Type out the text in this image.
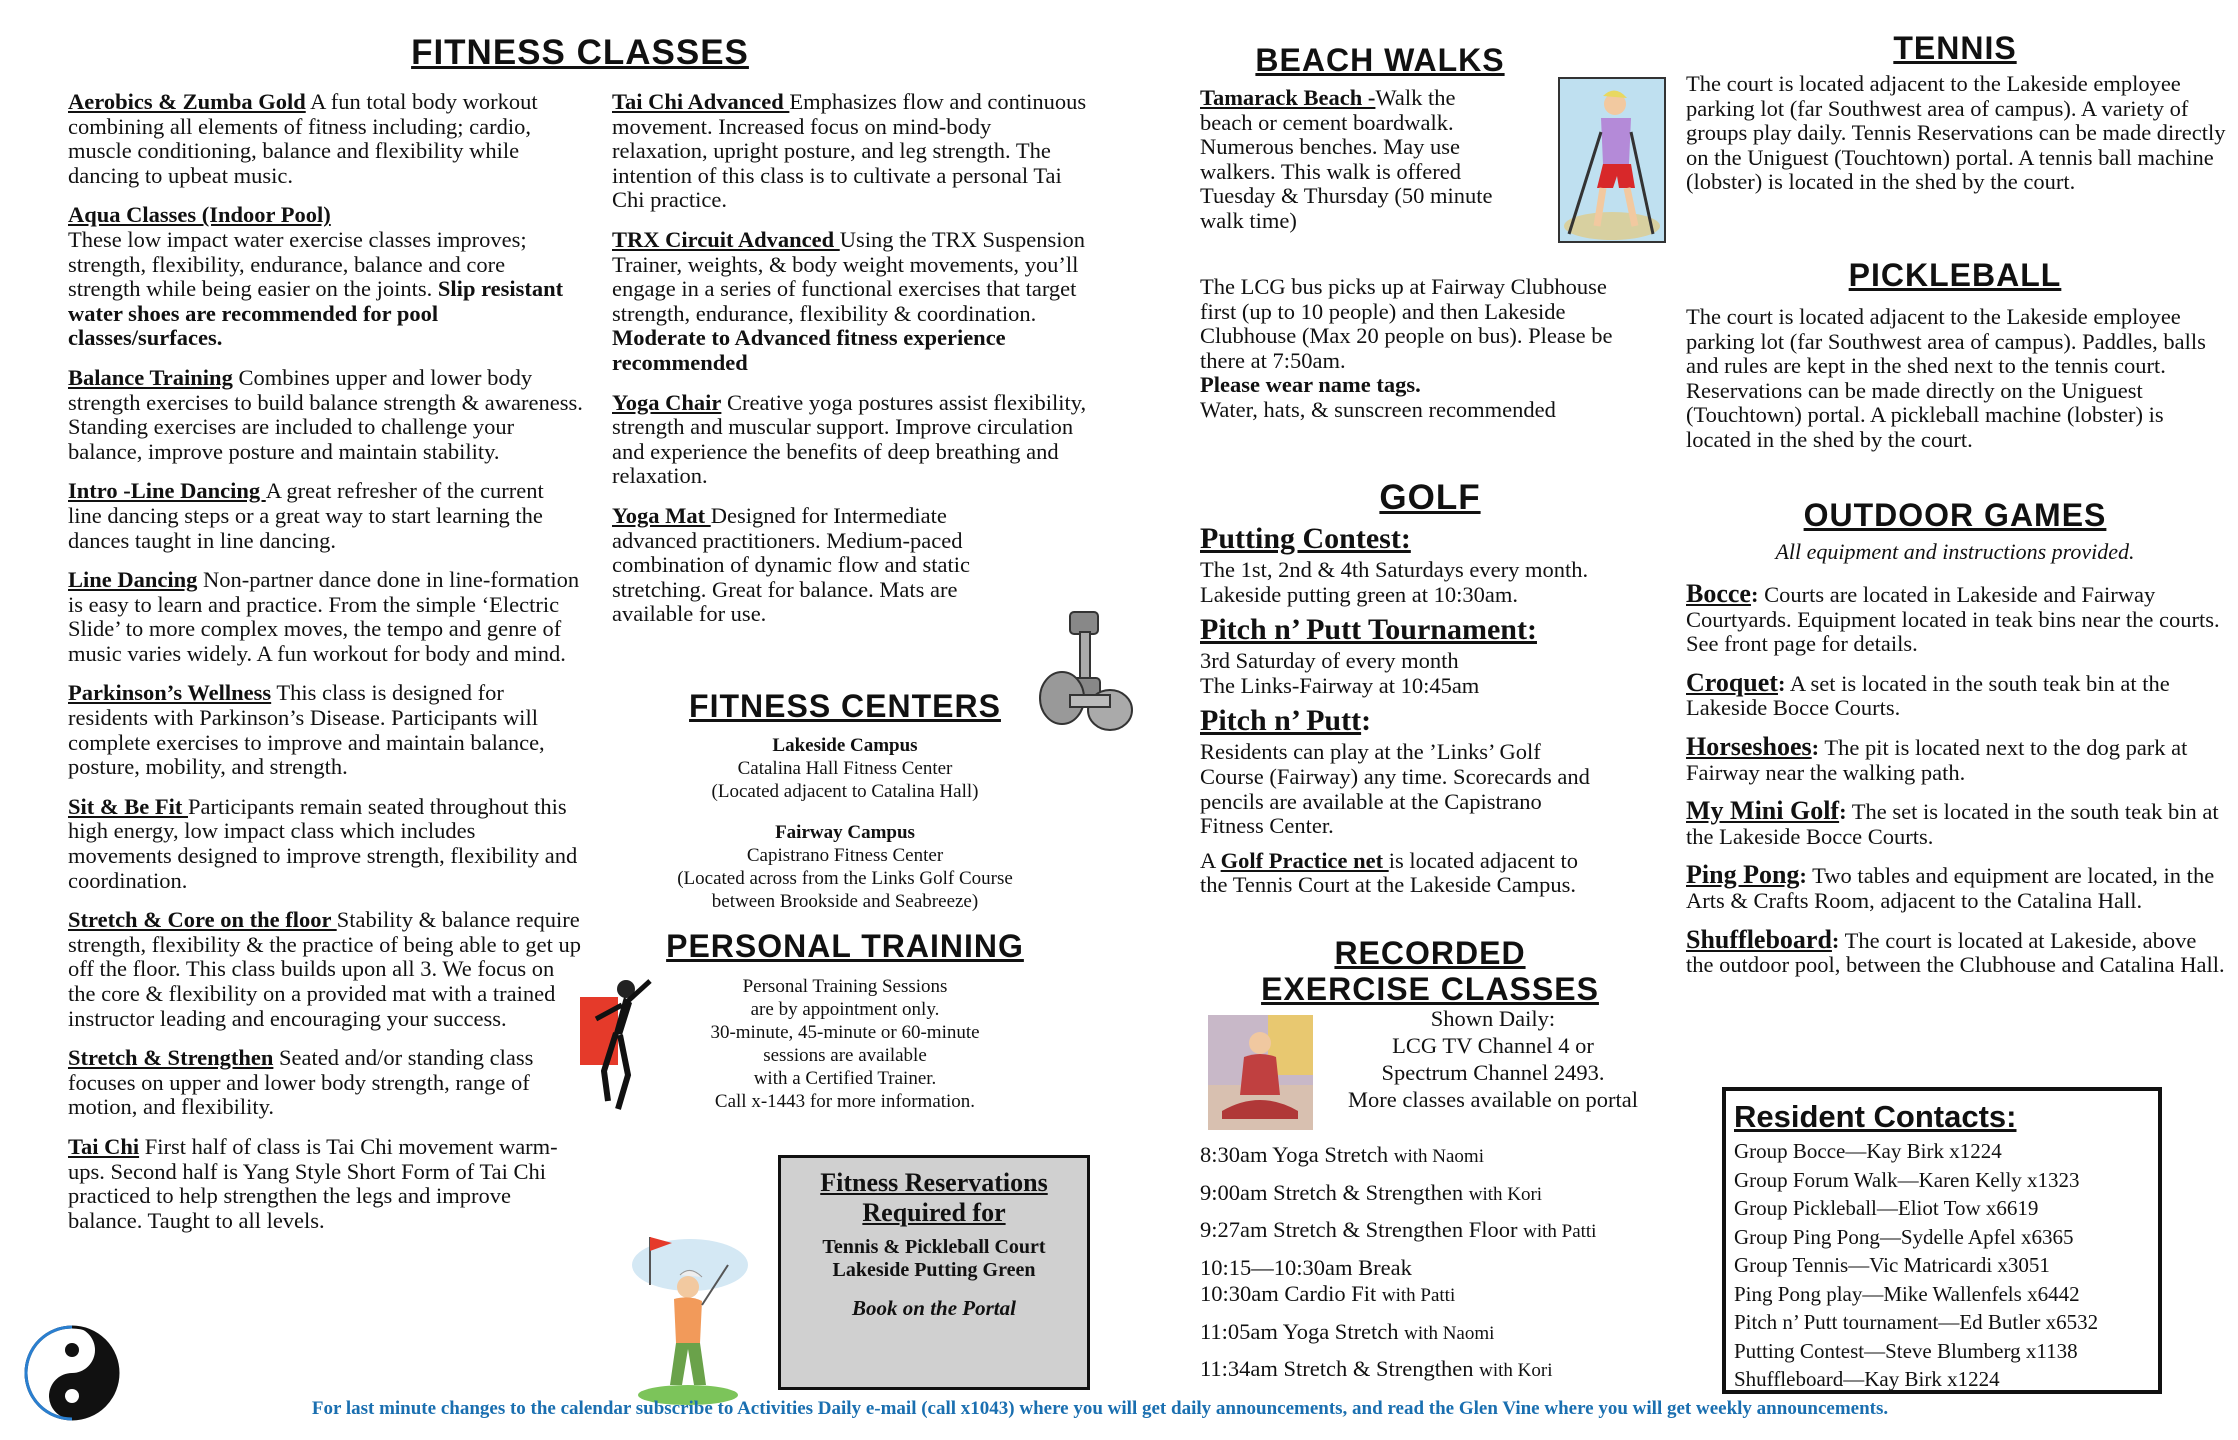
FITNESS CLASSES

Aerobics & Zumba Gold A fun total body workout combining all elements of fitness including; cardio, muscle conditioning, balance and flexibility while dancing to upbeat music.

Aqua Classes (Indoor Pool)
These low impact water exercise classes improves; strength, flexibility, endurance, balance and core strength while being easier on the joints. Slip resistant water shoes are recommended for pool classes/surfaces.

Balance Training Combines upper and lower body strength exercises to build balance strength & awareness. Standing exercises are included to challenge your balance, improve posture and maintain stability.

Intro -Line Dancing A great refresher of the current line dancing steps or a great way to start learning the dances taught in line dancing.

Line Dancing Non-partner dance done in line-formation is easy to learn and practice. From the simple ‘Electric Slide’ to more complex moves, the tempo and genre of music varies widely. A fun workout for body and mind.

Parkinson’s Wellness This class is designed for residents with Parkinson’s Disease. Participants will complete exercises to improve and maintain balance, posture, mobility, and strength.

Sit & Be Fit Participants remain seated throughout this high energy, low impact class which includes movements designed to improve strength, flexibility and coordination.

Stretch & Core on the floor Stability & balance require strength, flexibility & the practice of being able to get up off the floor. This class builds upon all 3. We focus on the core & flexibility on a provided mat with a trained instructor leading and encouraging your success.

Stretch & Strengthen Seated and/or standing class focuses on upper and lower body strength, range of motion, and flexibility.

Tai Chi First half of class is Tai Chi movement warm-ups. Second half is Yang Style Short Form of Tai Chi practiced to help strengthen the legs and improve balance. Taught to all levels.

Tai Chi Advanced Emphasizes flow and continuous movement. Increased focus on mind-body relaxation, upright posture, and leg strength. The intention of this class is to cultivate a personal Tai Chi practice.

TRX Circuit Advanced Using the TRX Suspension Trainer, weights, & body weight movements, you’ll engage in a series of functional exercises that target strength, endurance, flexibility & coordination. Moderate to Advanced fitness experience recommended

Yoga Chair Creative yoga postures assist flexibility, strength and muscular support. Improve circulation and experience the benefits of deep breathing and relaxation.

Yoga Mat Designed for Intermediate advanced practitioners. Medium-paced combination of dynamic flow and static stretching. Great for balance. Mats are available for use.

FITNESS CENTERS
Lakeside Campus
Catalina Hall Fitness Center
(Located adjacent to Catalina Hall)
Fairway Campus
Capistrano Fitness Center
(Located across from the Links Golf Course
between Brookside and Seabreeze)
PERSONAL TRAINING
Personal Training Sessions
are by appointment only.
30-minute, 45-minute or 60-minute
sessions are available
with a Certified Trainer.
Call x-1443 for more information.
Fitness Reservations
Required for
Tennis & Pickleball Court
Lakeside Putting Green
Book on the Portal
BEACH WALKS
Tamarack Beach -Walk the
beach or cement boardwalk.
Numerous benches. May use
walkers. This walk is offered
Tuesday & Thursday (50 minute
walk time)
The LCG bus picks up at Fairway Clubhouse first (up to 10 people) and then Lakeside Clubhouse (Max 20 people on bus). Please be there at 7:50am.
Please wear name tags.
Water, hats, & sunscreen recommended
GOLF
Putting Contest:
The 1st, 2nd & 4th Saturdays every month.
Lakeside putting green at 10:30am.
Pitch n’ Putt Tournament:
3rd Saturday of every month
The Links-Fairway at 10:45am
Pitch n’ Putt:
Residents can play at the ’Links’ Golf
Course (Fairway) any time. Scorecards and
pencils are available at the Capistrano
Fitness Center.
A Golf Practice net is located adjacent to
the Tennis Court at the Lakeside Campus.
RECORDED
EXERCISE CLASSES
Shown Daily:
LCG TV Channel 4 or
Spectrum Channel 2493.
More classes available on portal
8:30am Yoga Stretch with Naomi
9:00am Stretch & Strengthen with Kori
9:27am Stretch & Strengthen Floor with Patti
10:15—10:30am Break
10:30am Cardio Fit with Patti
11:05am Yoga Stretch with Naomi
11:34am Stretch & Strengthen with Kori
TENNIS
The court is located adjacent to the Lakeside employee parking lot (far Southwest area of campus). A variety of groups play daily. Tennis Reservations can be made directly on the Uniguest (Touchtown) portal. A tennis ball machine (lobster) is located in the shed by the court.
PICKLEBALL
The court is located adjacent to the Lakeside employee parking lot (far Southwest area of campus). Paddles, balls and rules are kept in the shed next to the tennis court. Reservations can be made directly on the Uniguest (Touchtown) portal. A pickleball machine (lobster) is located in the shed by the court.
OUTDOOR GAMES
All equipment and instructions provided.

Bocce: Courts are located in Lakeside and Fairway Courtyards. Equipment located in teak bins near the courts. See front page for details.

Croquet: A set is located in the south teak bin at the Lakeside Bocce Courts.

Horseshoes: The pit is located next to the dog park at Fairway near the walking path.

My Mini Golf: The set is located in the south teak bin at the Lakeside Bocce Courts.

Ping Pong: Two tables and equipment are located, in the Arts & Crafts Room, adjacent to the Catalina Hall.

Shuffleboard: The court is located at Lakeside, above the outdoor pool, between the Clubhouse and Catalina Hall.

Resident Contacts:
Group Bocce—Kay Birk x1224
Group Forum Walk—Karen Kelly x1323
Group Pickleball—Eliot Tow x6619
Group Ping Pong—Sydelle Apfel x6365
Group Tennis—Vic Matricardi x3051
Ping Pong play—Mike Wallenfels x6442
Pitch n’ Putt tournament—Ed Butler x6532
Putting Contest—Steve Blumberg x1138
Shuffleboard—Kay Birk x1224
For last minute changes to the calendar subscribe to Activities Daily e-mail (call x1043) where you will get daily announcements, and read the Glen Vine where you will get weekly announcements.
